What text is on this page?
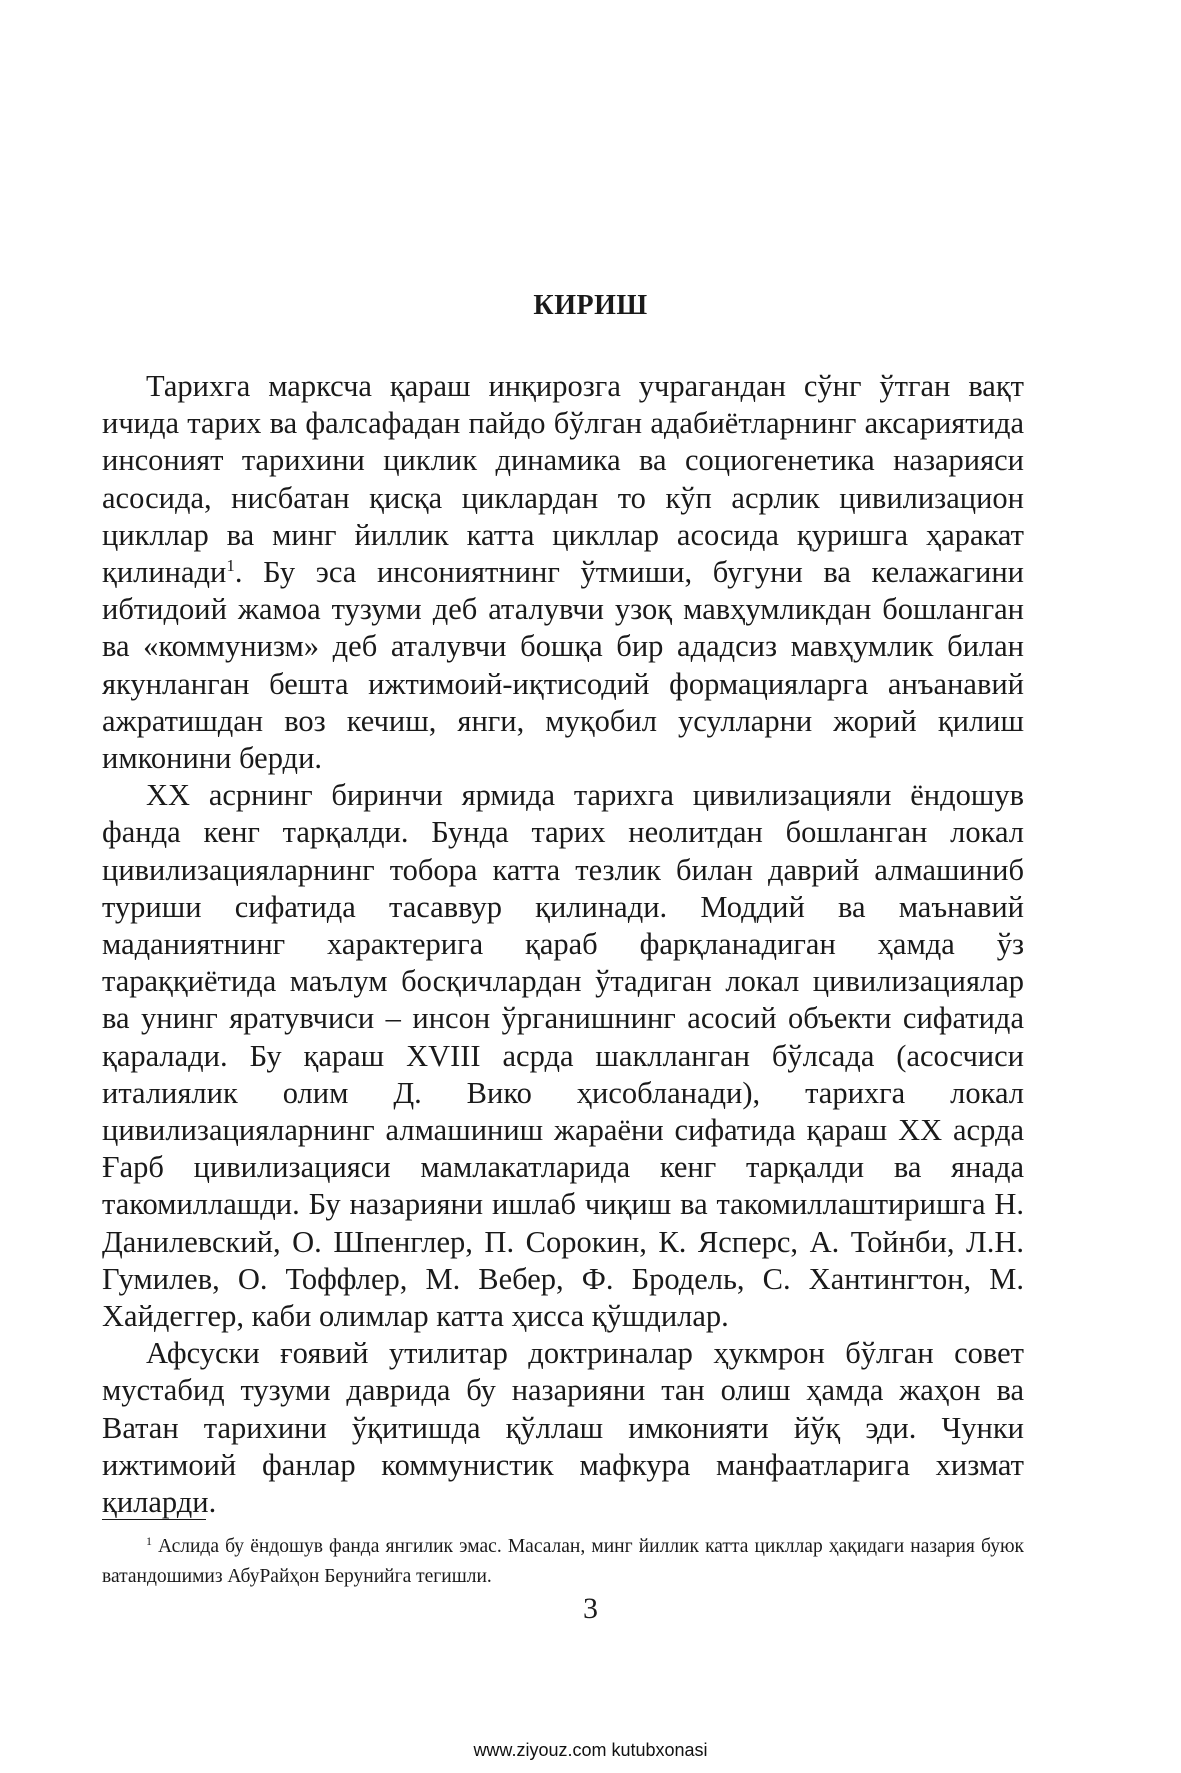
КИРИШ

Тарихга марксча қараш инқирозга учрагандан сўнг ўтган вақт ичида тарих ва фалсафадан пайдо бўлган адабиётларнинг аксариятида инсоният тарихини циклик динамика ва социогенетика назарияси асосида, нисбатан қисқа циклардан то кўп асрлик цивилизацион цикллар ва минг йиллик катта цикллар асосида қуришга ҳаракат қилинади$^1$. Бу эса инсониятнинг ўтмиши, бугуни ва келажагини ибтидоий жамоа тузуми деб аталувчи узоқ мавҳумликдан бошланган ва «коммунизм» деб аталувчи бошқа бир ададсиз мавҳумлик билан якунланган бешта ижтимоий-иқтисодий формацияларга анъанавий ажратишдан воз кечиш, янги, муқобил усулларни жорий қилиш имконини берди.

XX асрнинг биринчи ярмида тарихга цивилизацияли ёндошув фанда кенг тарқалди. Бунда тарих неолитдан бошланган локал цивилизацияларнинг тобора катта тезлик билан даврий алмашиниб туриши сифатида тасаввур қилинади. Моддий ва маънавий маданиятнинг характерига қараб фарқланадиган ҳамда ўз тараққиётида маълум босқичлардан ўтадиган локал цивилизациялар ва унинг яратувчиси – инсон ўрганишнинг асосий объекти сифатида қаралади. Бу қараш XVIII асрда шаклланган бўлсада (асосчиси италиялик олим Д. Вико ҳисобланади), тарихга локал цивилизацияларнинг алмашиниш жараёни сифатида қараш XX асрда Ғарб цивилизацияси мамлакатларида кенг тарқалди ва янада такомиллашди. Бу назарияни ишлаб чиқиш ва такомиллаштиришга Н. Данилевский, О. Шпенглер, П. Сорокин, К. Ясперс, А. Тойнби, Л.Н. Гумилев, О. Тоффлер, М. Вебер, Ф. Бродель, С. Хантингтон, М. Хайдеггер, каби олимлар катта ҳисса қўшдилар.

Афсуски ғоявий утилитар доктриналар ҳукмрон бўлган совет мустабид тузуми даврида бу назарияни тан олиш ҳамда жаҳон ва Ватан тарихини ўқитишда қўллаш имконияти йўқ эди. Чунки ижтимоий фанлар коммунистик мафкура манфаатларига хизмат қиларди.

$^1$ Аслида бу ёндошув фанда янгилик эмас. Масалан, минг йиллик катта цикллар ҳақидаги назария буюк ватандошимиз АбуРайҳон Берунийга тегишли.

3
www.ziyouz.com kutubxonasi
